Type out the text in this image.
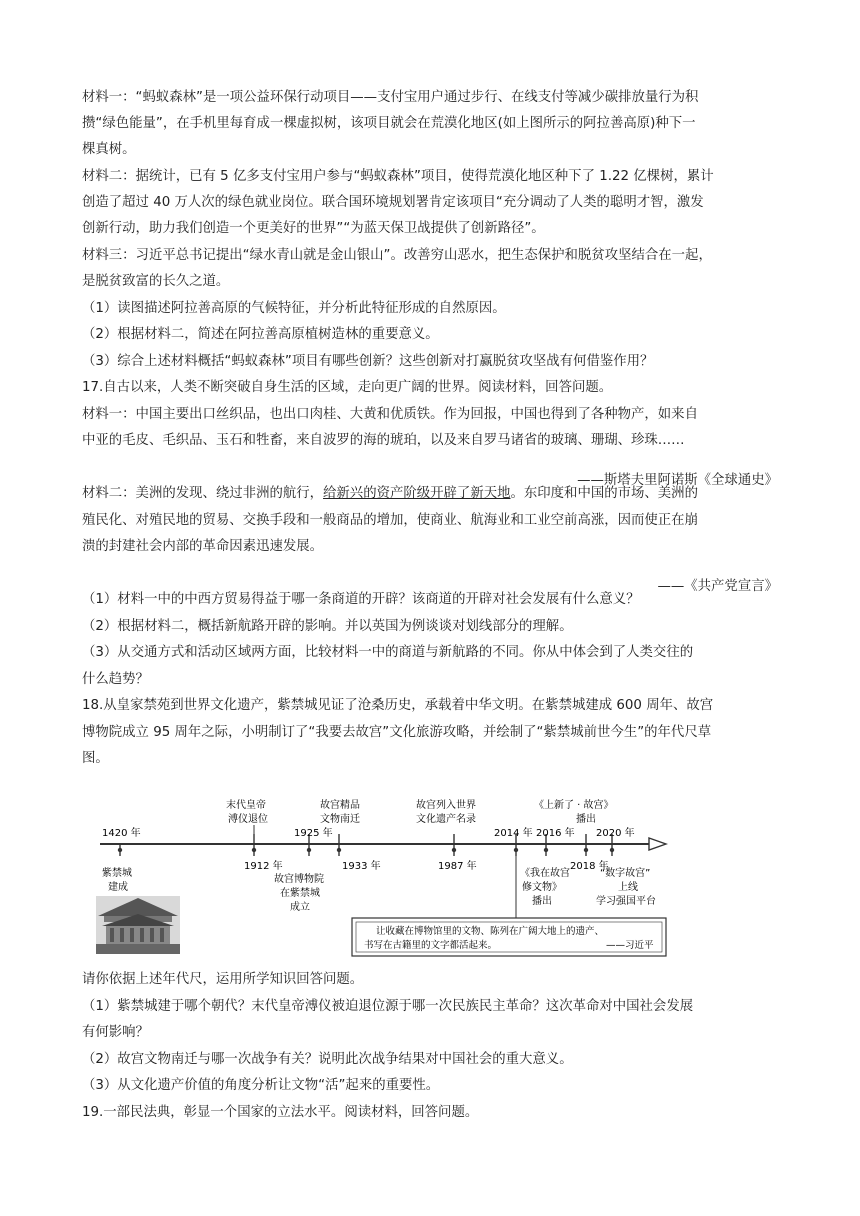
材料一：“蚂蚁森林”是一项公益环保行动项目——支付宝用户通过步行、在线支付等减少碳排放量行为积

攒“绿色能量”，在手机里每育成一棵虚拟树，该项目就会在荒漠化地区(如上图所示的阿拉善高原)种下一

棵真树。

材料二：据统计，已有 5 亿多支付宝用户参与“蚂蚁森林”项目，使得荒漠化地区种下了 1.22 亿棵树，累计

创造了超过 40 万人次的绿色就业岗位。联合国环境规划署肯定该项目“充分调动了人类的聪明才智，激发

创新行动，助力我们创造一个更美好的世界”“为蓝天保卫战提供了创新路径”。

材料三：习近平总书记提出“绿水青山就是金山银山”。改善穷山恶水，把生态保护和脱贫攻坚结合在一起，

是脱贫致富的长久之道。

（1）读图描述阿拉善高原的气候特征，并分析此特征形成的自然原因。

（2）根据材料二，简述在阿拉善高原植树造林的重要意义。

（3）综合上述材料概括“蚂蚁森林”项目有哪些创新？这些创新对打赢脱贫攻坚战有何借鉴作用？

17.自古以来，人类不断突破自身生活的区域，走向更广阔的世界。阅读材料，回答问题。

材料一：中国主要出口丝织品，也出口肉桂、大黄和优质铁。作为回报，中国也得到了各种物产，如来自

中亚的毛皮、毛织品、玉石和牲畜，来自波罗的海的琥珀，以及来自罗马诸省的玻璃、珊瑚、珍珠……

——斯塔夫里阿诺斯《全球通史》

材料二：美洲的发现、绕过非洲的航行，给新兴的资产阶级开辟了新天地。东印度和中国的市场、美洲的

殖民化、对殖民地的贸易、交换手段和一般商品的增加，使商业、航海业和工业空前高涨，因而使正在崩

溃的封建社会内部的革命因素迅速发展。

——《共产党宣言》

（1）材料一中的中西方贸易得益于哪一条商道的开辟？该商道的开辟对社会发展有什么意义？

（2）根据材料二，概括新航路开辟的影响。并以英国为例谈谈对划线部分的理解。

（3）从交通方式和活动区域两方面，比较材料一中的商道与新航路的不同。你从中体会到了人类交往的

什么趋势？

18.从皇家禁苑到世界文化遗产，紫禁城见证了沧桑历史，承载着中华文明。在紫禁城建成 600 周年、故宫

博物院成立 95 周年之际，小明制订了“我要去故宫”文化旅游攻略，并绘制了“紫禁城前世今生”的年代尺草

图。

1420 年	1925 年	2014 年 2016 年 2020 年
1912 年	1933 年	1987 年	2018 年
末代皇帝
溥仪退位
故宫精品
文物南迁
故宫列入世界
文化遗产名录
《上新了 · 故宫》
播出
紫禁城
建成
故宫博物院
在紫禁城
成立
《我在故宫
修文物》
播出
“数字故宫”
上线
学习强国平台
让收藏在博物馆里的文物、陈列在广阔大地上的遗产、
书写在古籍里的文字都活起来。	——习近平

请你依据上述年代尺，运用所学知识回答问题。

（1）紫禁城建于哪个朝代？末代皇帝溥仪被迫退位源于哪一次民族民主革命？这次革命对中国社会发展

有何影响？

（2）故宫文物南迁与哪一次战争有关？说明此次战争结果对中国社会的重大意义。

（3）从文化遗产价值的角度分析让文物“活”起来的重要性。

19.一部民法典，彰显一个国家的立法水平。阅读材料，回答问题。
